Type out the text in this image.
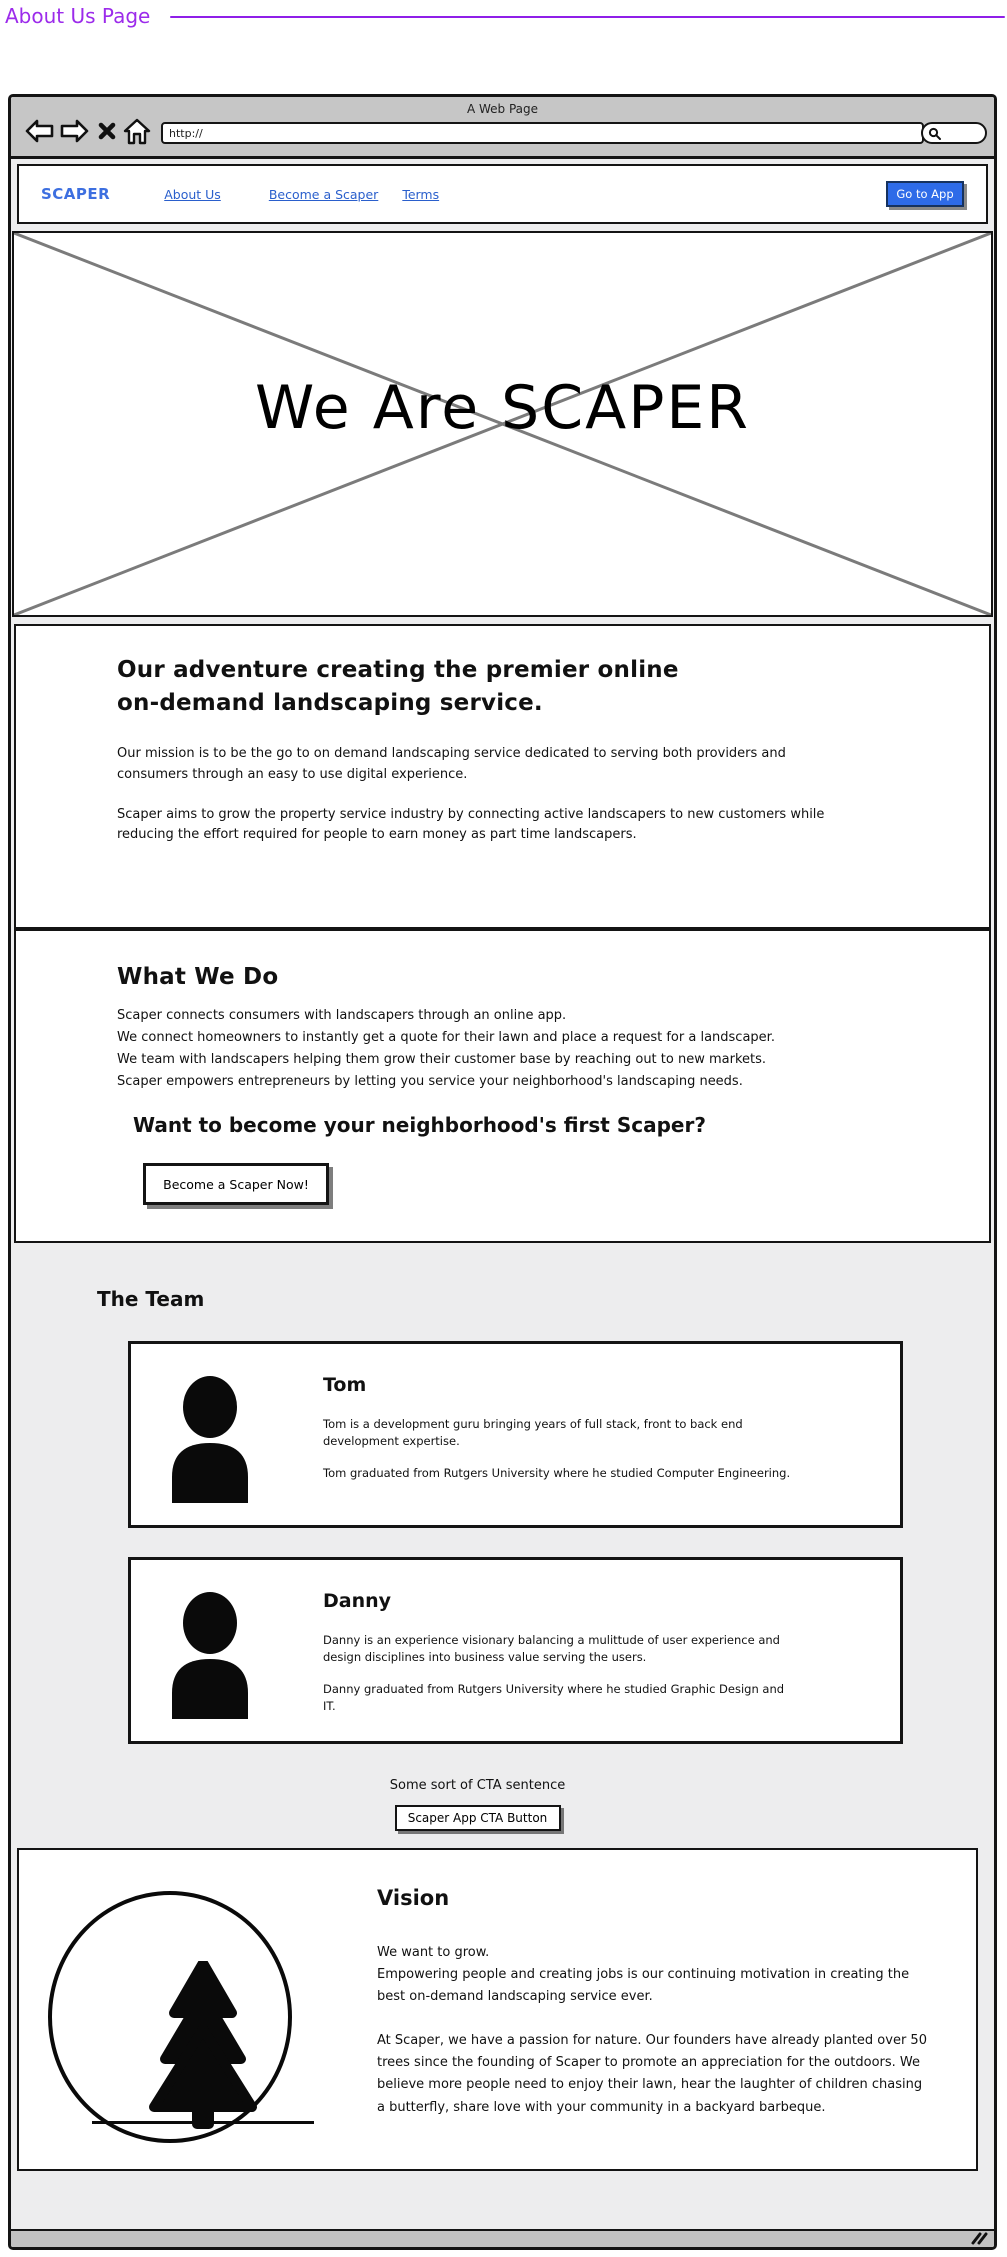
About Us Page
A Web Page
http://
SCAPER	About Us	Become a Scaper Terms	Go to App
We Are SCAPER
Our adventure creating the premier online on-demand landscaping service.

Our mission is to be the go to on demand landscaping service dedicated to serving both providers and consumers through an easy to use digital experience.

Scaper aims to grow the property service industry by connecting active landscapers to new customers while reducing the effort required for people to earn money as part time landscapers.

What We Do
Scaper connects consumers with landscapers through an online app.
We connect homeowners to instantly get a quote for their lawn and place a request for a landscaper.
We team with landscapers helping them grow their customer base by reaching out to new markets.
Scaper empowers entrepreneurs by letting you service your neighborhood's landscaping needs.
Want to become your neighborhood's first Scaper?
Become a Scaper Now!
The Team
Tom

Tom is a development guru bringing years of full stack, front to back end development expertise.

Tom graduated from Rutgers University where he studied Computer Engineering.

Danny

Danny is an experience visionary balancing a mulittude of user experience and design disciplines into business value serving the users.

Danny graduated from Rutgers University where he studied Graphic Design and IT.

Some sort of CTA sentence
Scaper App CTA Button
Vision
We want to grow.
Empowering people and creating jobs is our continuing motivation in creating the best on-demand landscaping service ever.
At Scaper, we have a passion for nature. Our founders have already planted over 50 trees since the founding of Scaper to promote an appreciation for the outdoors. We believe more people need to enjoy their lawn, hear the laughter of children chasing a butterfly, share love with your community in a backyard barbeque.
